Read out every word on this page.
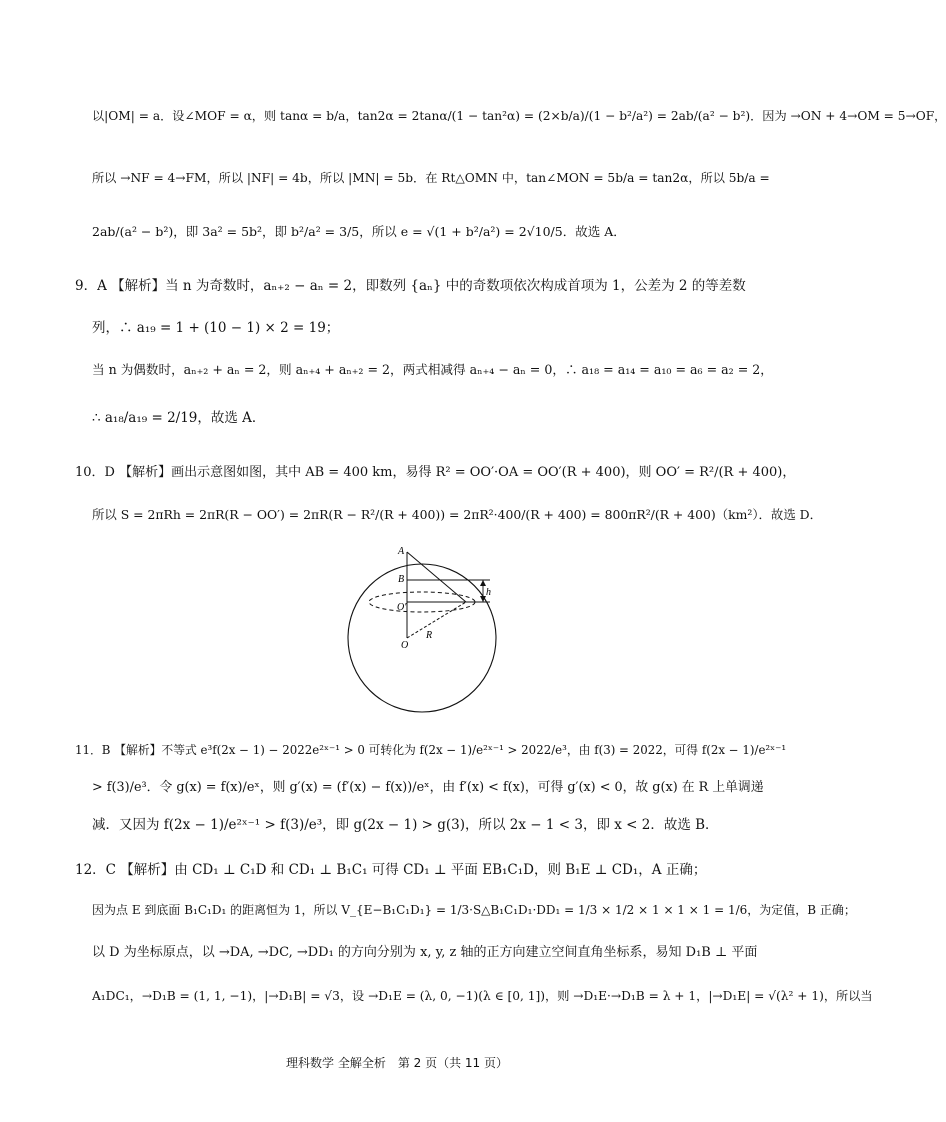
以|OM| = a．设∠MOF = α，则 tanα = b/a，tan2α = 2tanα/(1 − tan²α) = (2×b/a)/(1 − b²/a²) = 2ab/(a² − b²)．因为 →ON + 4→OM = 5→OF，
所以 →NF = 4→FM，所以 |NF| = 4b，所以 |MN| = 5b．在 Rt△OMN 中，tan∠MON = 5b/a = tan2α，所以 5b/a =
2ab/(a² − b²)，即 3a² = 5b²，即 b²/a² = 3/5，所以 e = √(1 + b²/a²) = 2√10/5．故选 A．
9．A 【解析】当 n 为奇数时，aₙ₊₂ − aₙ = 2，即数列 {aₙ} 中的奇数项依次构成首项为 1，公差为 2 的等差数
列，∴ a₁₉ = 1 + (10 − 1) × 2 = 19；
当 n 为偶数时，aₙ₊₂ + aₙ = 2，则 aₙ₊₄ + aₙ₊₂ = 2，两式相减得 aₙ₊₄ − aₙ = 0，∴ a₁₈ = a₁₄ = a₁₀ = a₆ = a₂ = 2，
∴ a₁₈/a₁₉ = 2/19，故选 A．
10．D 【解析】画出示意图如图，其中 AB = 400 km，易得 R² = OO′·OA = OO′(R + 400)，则 OO′ = R²/(R + 400)，
所以 S = 2πRh = 2πR(R − OO′) = 2πR(R − R²/(R + 400)) = 2πR²·400/(R + 400) = 800πR²/(R + 400)（km²）．故选 D．
11．B 【解析】不等式 e³f(2x − 1) − 2022e²ˣ⁻¹ > 0 可转化为 f(2x − 1)/e²ˣ⁻¹ > 2022/e³，由 f(3) = 2022，可得 f(2x − 1)/e²ˣ⁻¹
> f(3)/e³．令 g(x) = f(x)/eˣ，则 g′(x) = (f′(x) − f(x))/eˣ，由 f′(x) < f(x)，可得 g′(x) < 0，故 g(x) 在 R 上单调递
减．又因为 f(2x − 1)/e²ˣ⁻¹ > f(3)/e³，即 g(2x − 1) > g(3)，所以 2x − 1 < 3，即 x < 2．故选 B．
12．C 【解析】由 CD₁ ⊥ C₁D 和 CD₁ ⊥ B₁C₁ 可得 CD₁ ⊥ 平面 EB₁C₁D，则 B₁E ⊥ CD₁，A 正确；
因为点 E 到底面 B₁C₁D₁ 的距离恒为 1，所以 V_{E−B₁C₁D₁} = 1/3·S△B₁C₁D₁·DD₁ = 1/3 × 1/2 × 1 × 1 × 1 = 1/6，为定值，B 正确；
以 D 为坐标原点，以 →DA, →DC, →DD₁ 的方向分别为 x, y, z 轴的正方向建立空间直角坐标系，易知 D₁B ⊥ 平面
A₁DC₁，→D₁B = (1, 1, −1)，|→D₁B| = √3，设 →D₁E = (λ, 0, −1)(λ ∈ [0, 1])，则 →D₁E·→D₁B = λ + 1，|→D₁E| = √(λ² + 1)，所以当
A
B
O′
R
O
h
理科数学 全解全析　第 2 页（共 11 页）
